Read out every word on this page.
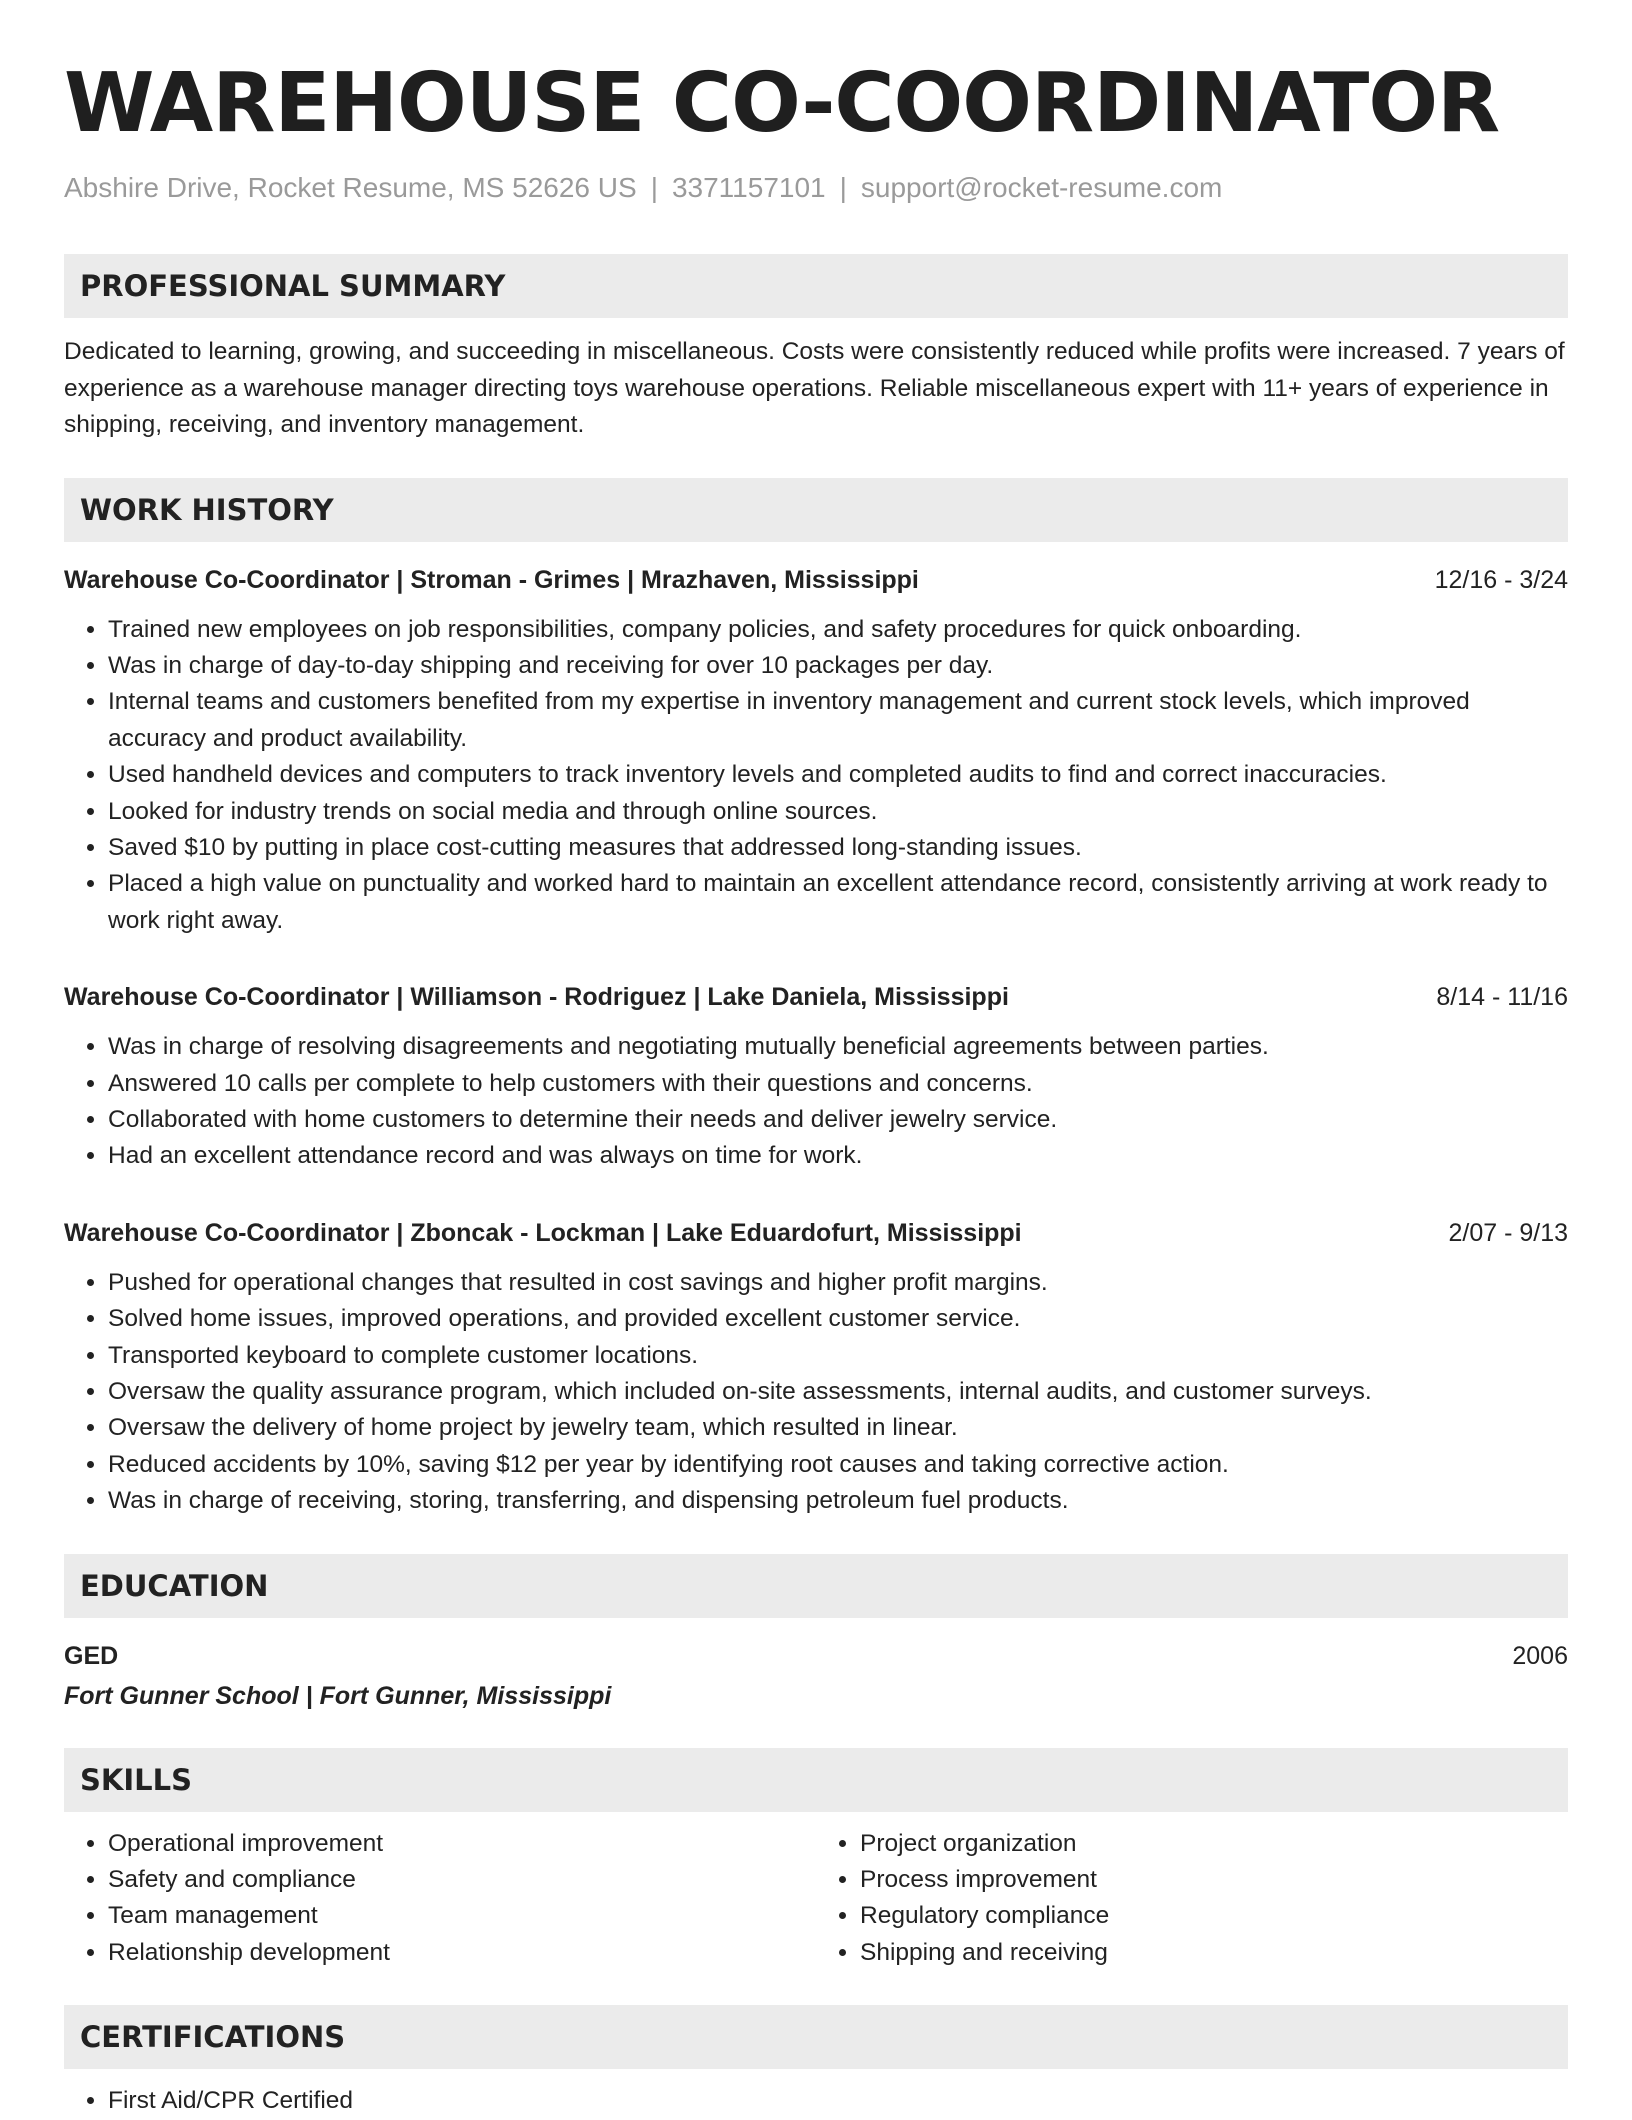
WAREHOUSE CO-COORDINATOR
Abshire Drive, Rocket Resume, MS 52626 US | 3371157101 | support@rocket-resume.com
PROFESSIONAL SUMMARY
Dedicated to learning, growing, and succeeding in miscellaneous. Costs were consistently reduced while profits were increased. 7 years of experience as a warehouse manager directing toys warehouse operations. Reliable miscellaneous expert with 11+ years of experience in shipping, receiving, and inventory management.
WORK HISTORY
Warehouse Co-Coordinator | Stroman - Grimes | Mrazhaven, Mississippi	12/16 - 3/24
• Trained new employees on job responsibilities, company policies, and safety procedures for quick onboarding.
• Was in charge of day-to-day shipping and receiving for over 10 packages per day.
• Internal teams and customers benefited from my expertise in inventory management and current stock levels, which improved accuracy and product availability.
• Used handheld devices and computers to track inventory levels and completed audits to find and correct inaccuracies.
• Looked for industry trends on social media and through online sources.
• Saved $10 by putting in place cost-cutting measures that addressed long-standing issues.
• Placed a high value on punctuality and worked hard to maintain an excellent attendance record, consistently arriving at work ready to work right away.
Warehouse Co-Coordinator | Williamson - Rodriguez | Lake Daniela, Mississippi	8/14 - 11/16
• Was in charge of resolving disagreements and negotiating mutually beneficial agreements between parties.
• Answered 10 calls per complete to help customers with their questions and concerns.
• Collaborated with home customers to determine their needs and deliver jewelry service.
• Had an excellent attendance record and was always on time for work.
Warehouse Co-Coordinator | Zboncak - Lockman | Lake Eduardofurt, Mississippi	2/07 - 9/13
• Pushed for operational changes that resulted in cost savings and higher profit margins.
• Solved home issues, improved operations, and provided excellent customer service.
• Transported keyboard to complete customer locations.
• Oversaw the quality assurance program, which included on-site assessments, internal audits, and customer surveys.
• Oversaw the delivery of home project by jewelry team, which resulted in linear.
• Reduced accidents by 10%, saving $12 per year by identifying root causes and taking corrective action.
• Was in charge of receiving, storing, transferring, and dispensing petroleum fuel products.
EDUCATION
GED	2006
Fort Gunner School | Fort Gunner, Mississippi
SKILLS
• Operational improvement
• Safety and compliance
• Team management
• Relationship development
• Project organization
• Process improvement
• Regulatory compliance
• Shipping and receiving
CERTIFICATIONS
• First Aid/CPR Certified
